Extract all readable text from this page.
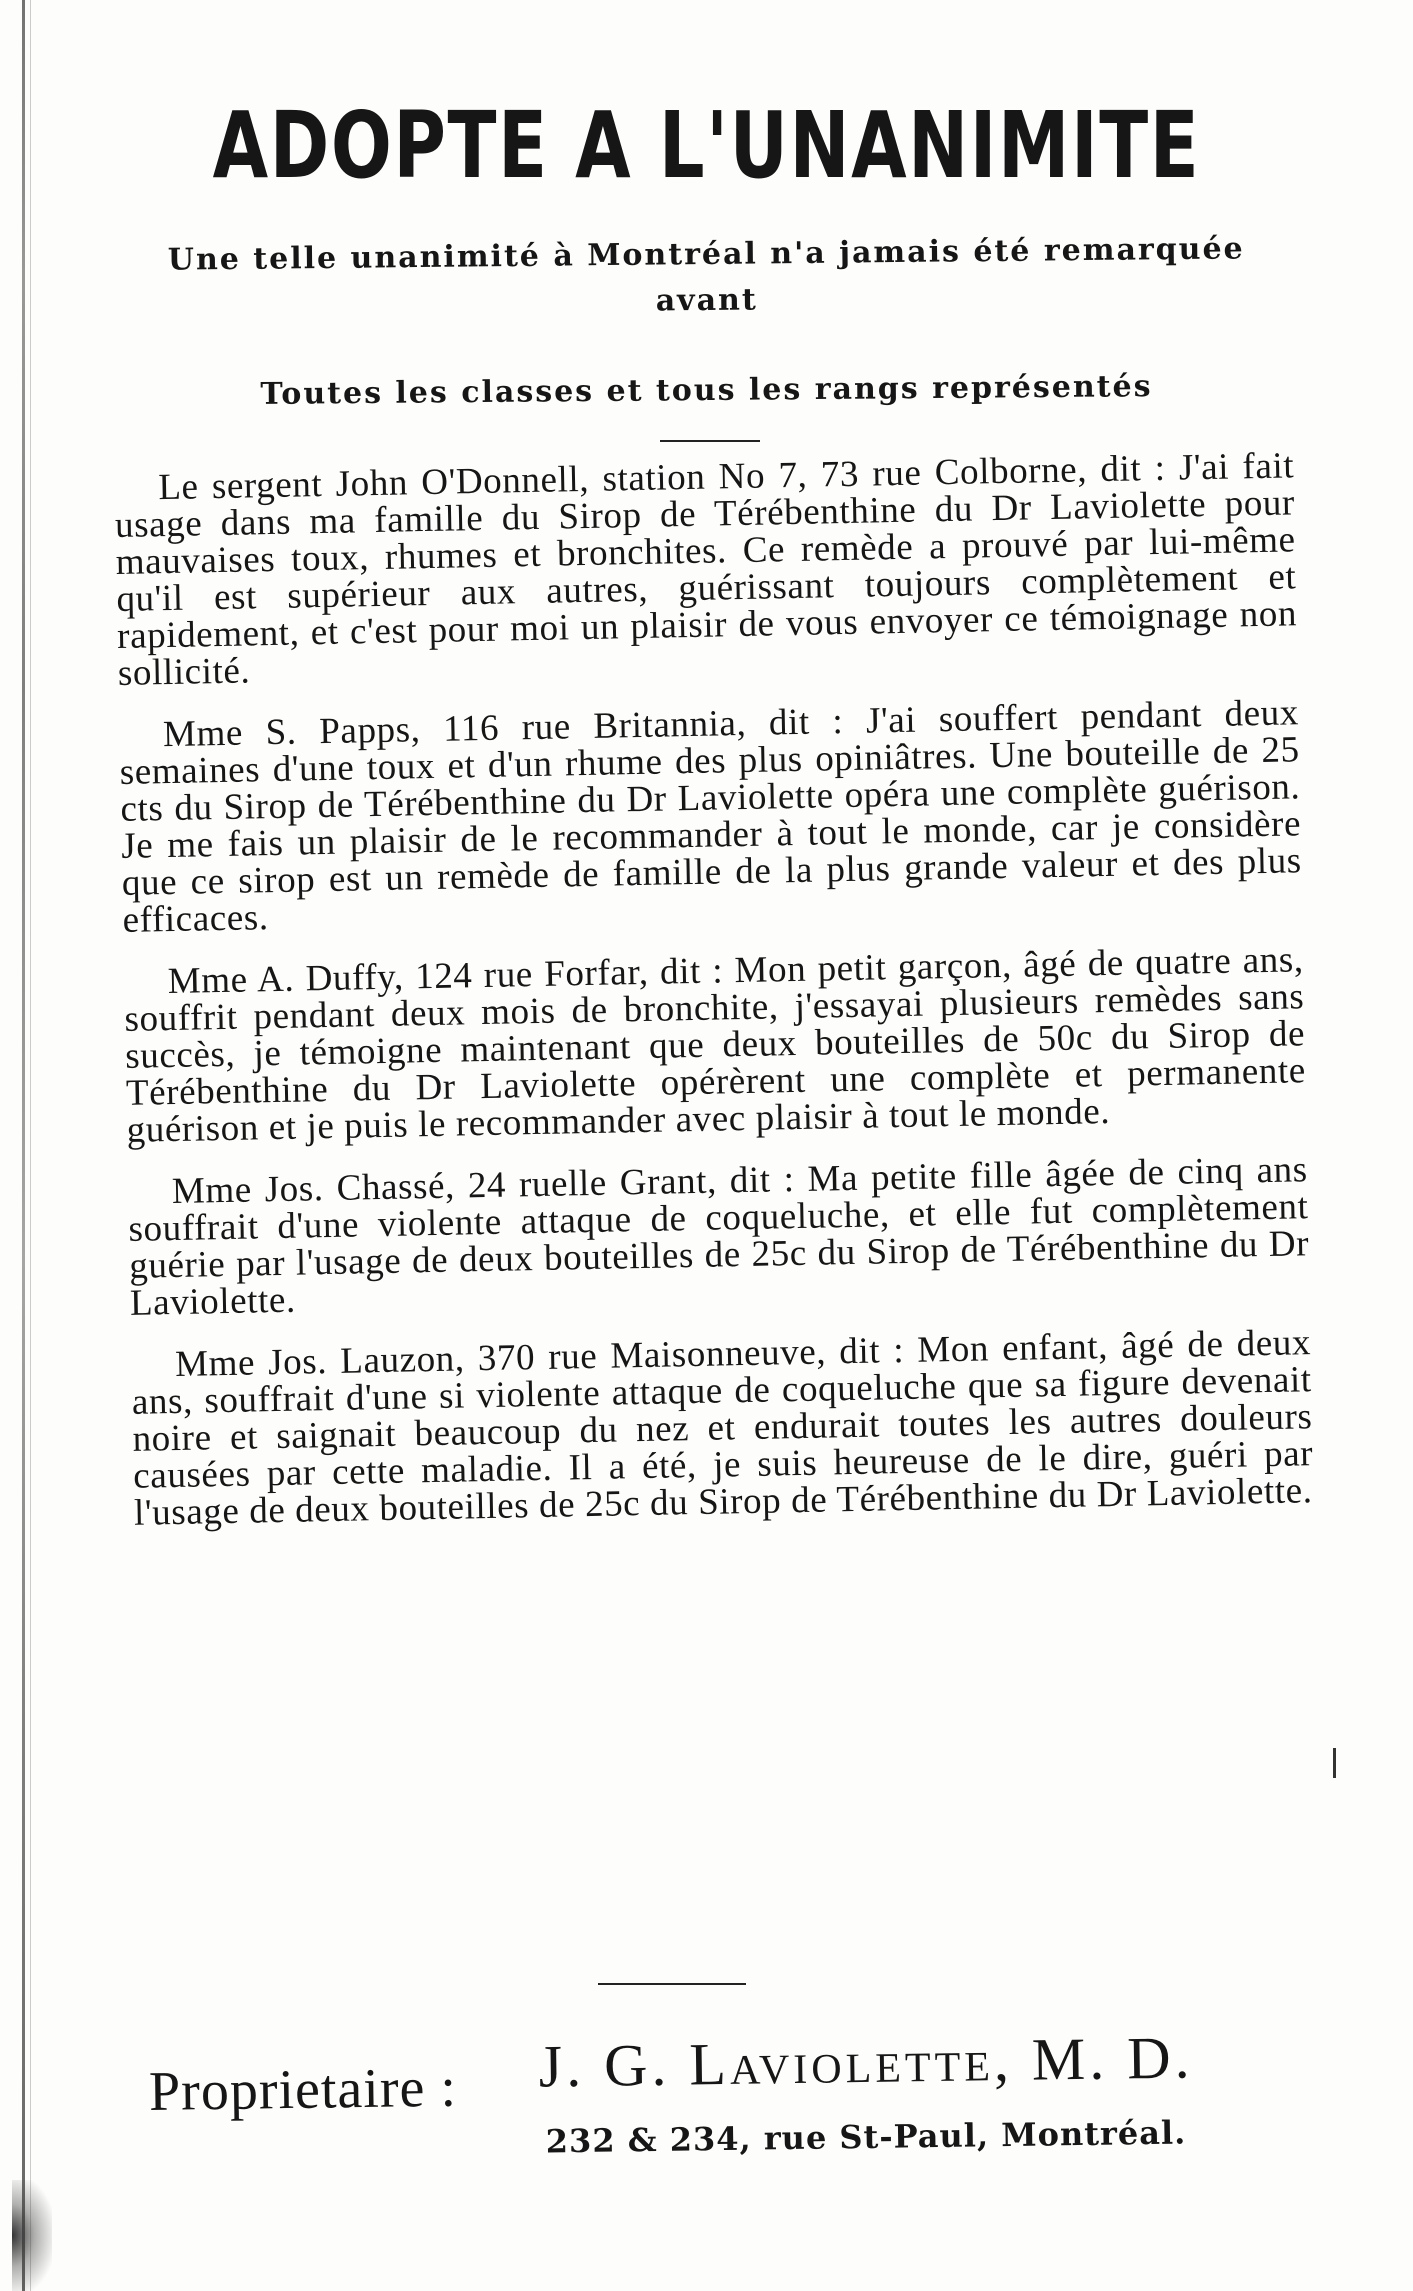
ADOPTE A L'UNANIMITE

Une telle unanimité à Montréal n'a jamais été remarquée avant

Toutes les classes et tous les rangs représentés

Le sergent John O'Donnell, station No 7, 73 rue Colborne, dit : J'ai fait usage dans ma famille du Sirop de Térébenthine du Dr Laviolette pour mauvaises toux, rhumes et bronchites. Ce remède a prouvé par lui-même qu'il est supérieur aux autres, guérissant toujours complètement et rapidement, et c'est pour moi un plaisir de vous envoyer ce témoignage non sollicité.

Mme S. Papps, 116 rue Britannia, dit : J'ai souffert pendant deux semaines d'une toux et d'un rhume des plus opiniâtres. Une bouteille de 25 cts du Sirop de Térébenthine du Dr Laviolette opéra une complète guérison. Je me fais un plaisir de le recommander à tout le monde, car je considère que ce sirop est un remède de famille de la plus grande valeur et des plus efficaces.

Mme A. Duffy, 124 rue Forfar, dit : Mon petit garçon, âgé de quatre ans, souffrit pendant deux mois de bronchite, j'essayai plusieurs remèdes sans succès, je témoigne maintenant que deux bouteilles de 50c du Sirop de Térébenthine du Dr Laviolette opérèrent une complète et permanente guérison et je puis le recommander avec plaisir à tout le monde.

Mme Jos. Chassé, 24 ruelle Grant, dit : Ma petite fille âgée de cinq ans souffrait d'une violente attaque de coqueluche, et elle fut complètement guérie par l'usage de deux bouteilles de 25c du Sirop de Térébenthine du Dr Laviolette.

Mme Jos. Lauzon, 370 rue Maisonneuve, dit : Mon enfant, âgé de deux ans, souffrait d'une si violente attaque de coqueluche que sa figure devenait noire et saignait beaucoup du nez et endurait toutes les autres douleurs causées par cette maladie. Il a été, je suis heureuse de le dire, guéri par l'usage de deux bouteilles de 25c du Sirop de Térébenthine du Dr Laviolette.

Proprietaire : J. G. Laviolette, M. D.
232 & 234, rue St-Paul, Montréal.
